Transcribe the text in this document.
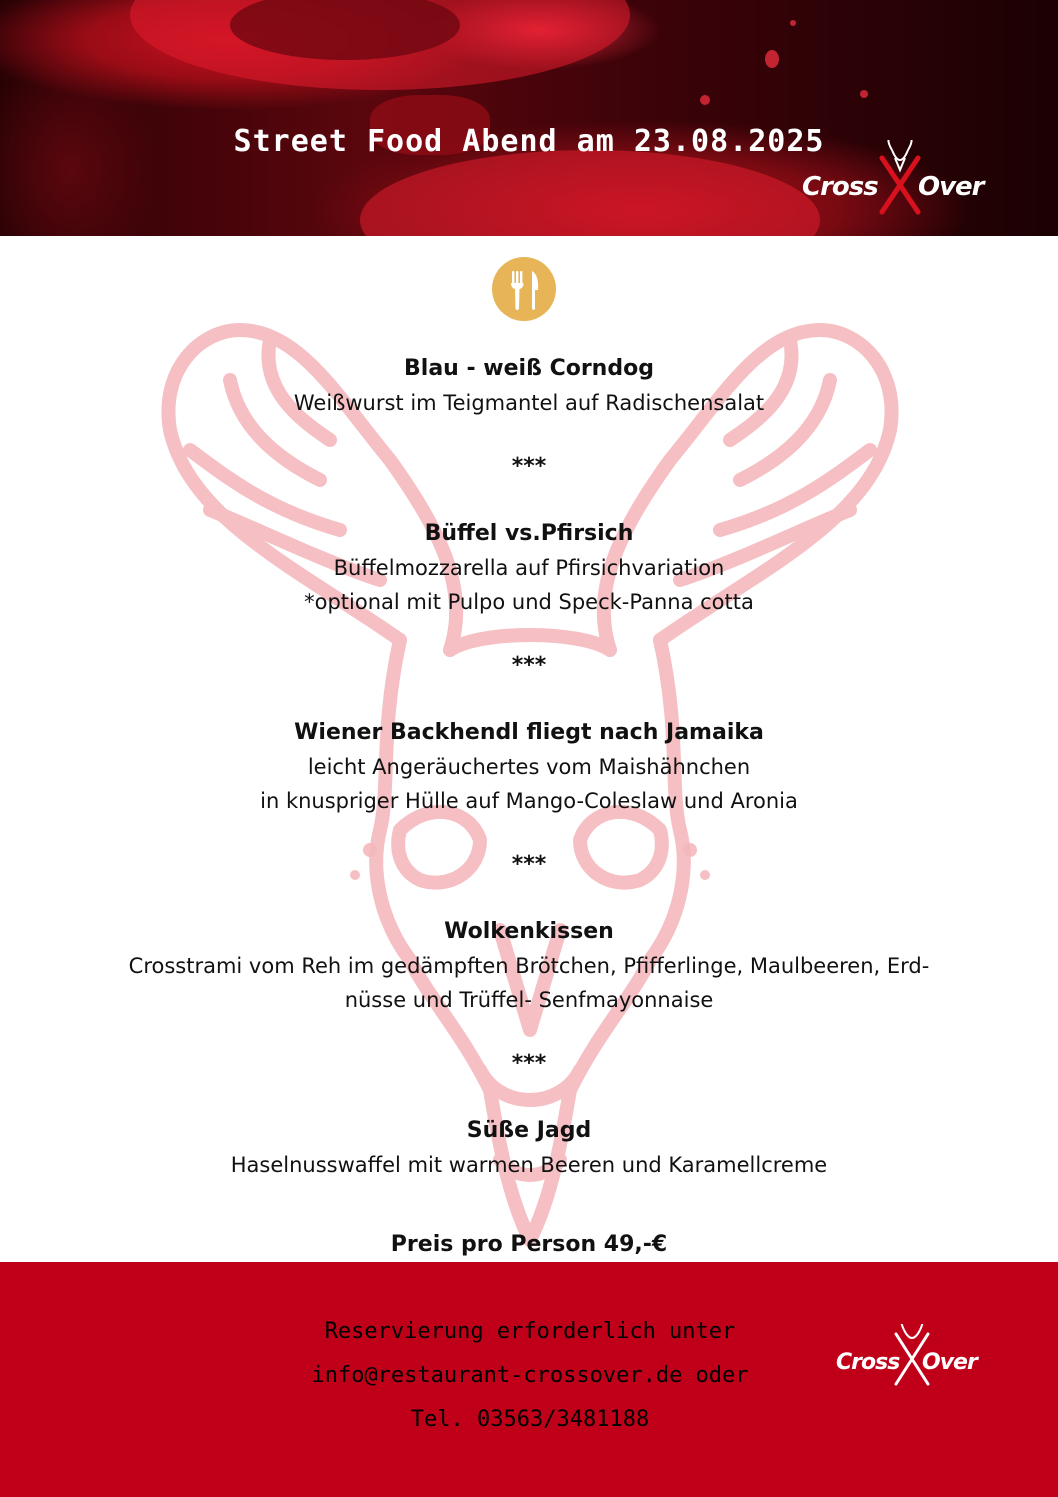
Street Food Abend am 23.08.2025
Cross Over
Blau - weiß Corndog

Weißwurst im Teigmantel auf Radischensalat

***
Büffel vs.Pfirsich

Büffelmozzarella auf Pfirsichvariation

*optional mit Pulpo und Speck-Panna cotta

***
Wiener Backhendl fliegt nach Jamaika

leicht Angeräuchertes vom Maishähnchen

in knuspriger Hülle auf Mango-Coleslaw und Aronia

***
Wolkenkissen

Crosstrami vom Reh im gedämpften Brötchen, Pfifferlinge, Maulbeeren, Erd-

nüsse und Trüffel- Senfmayonnaise

***
Süße Jagd

Haselnusswaffel mit warmen Beeren und Karamellcreme

Preis pro Person 49,-€
Reservierung erforderlich unter
info@restaurant-crossover.de oder
Tel. 03563/3481188
Cross Over
